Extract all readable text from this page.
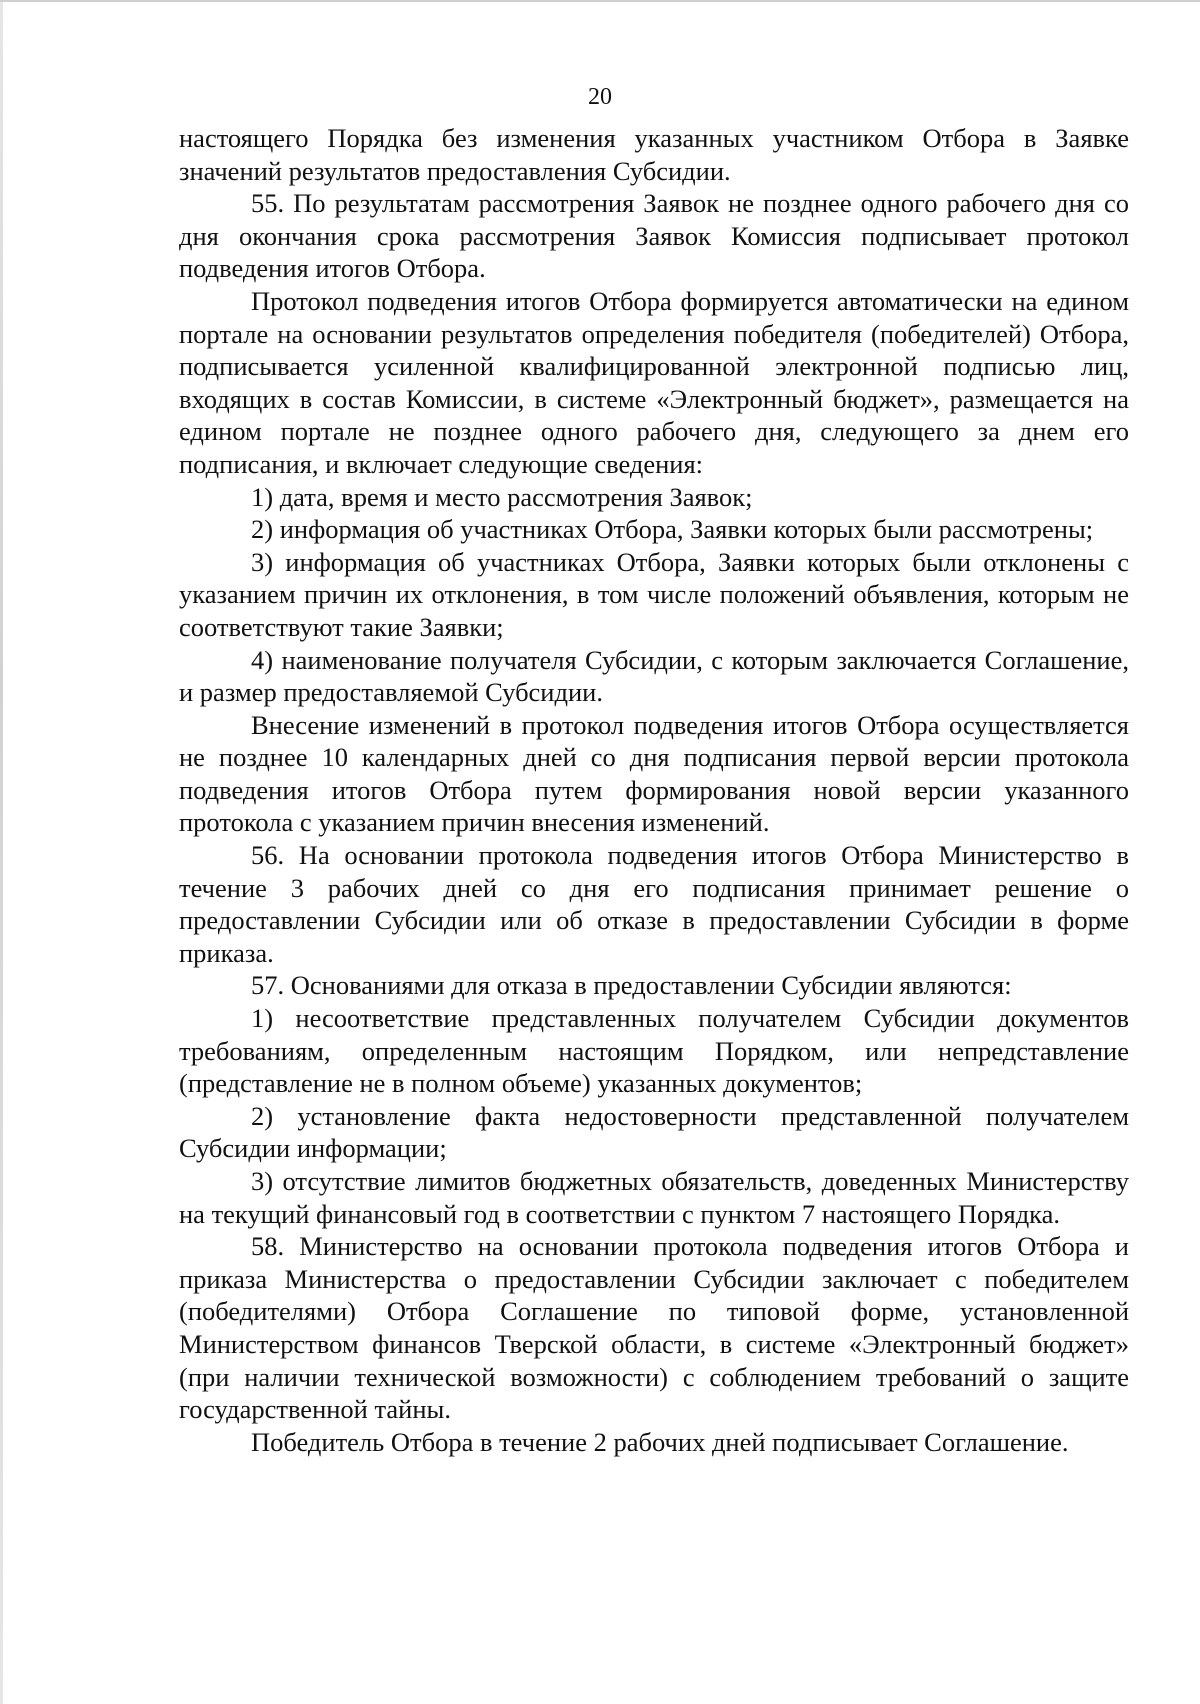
20

настоящего Порядка без изменения указанных участником Отбора в Заявке значений результатов предоставления Субсидии.

55. По результатам рассмотрения Заявок не позднее одного рабочего дня со дня окончания срока рассмотрения Заявок Комиссия подписывает протокол подведения итогов Отбора.

Протокол подведения итогов Отбора формируется автоматически на едином портале на основании результатов определения победителя (победителей) Отбора, подписывается усиленной квалифицированной электронной подписью лиц, входящих в состав Комиссии, в системе «Электронный бюджет», размещается на едином портале не позднее одного рабочего дня, следующего за днем его подписания, и включает следующие сведения:

1) дата, время и место рассмотрения Заявок;

2) информация об участниках Отбора, Заявки которых были рассмотрены;

3) информация об участниках Отбора, Заявки которых были отклонены с указанием причин их отклонения, в том числе положений объявления, которым не соответствуют такие Заявки;

4) наименование получателя Субсидии, с которым заключается Соглашение, и размер предоставляемой Субсидии.

Внесение изменений в протокол подведения итогов Отбора осуществляется не позднее 10 календарных дней со дня подписания первой версии протокола подведения итогов Отбора путем формирования новой версии указанного протокола с указанием причин внесения изменений.

56. На основании протокола подведения итогов Отбора Министерство в течение 3 рабочих дней со дня его подписания принимает решение о предоставлении Субсидии или об отказе в предоставлении Субсидии в форме приказа.

57. Основаниями для отказа в предоставлении Субсидии являются:

1) несоответствие представленных получателем Субсидии документов требованиям, определенным настоящим Порядком, или непредставление (представление не в полном объеме) указанных документов;

2) установление факта недостоверности представленной получателем Субсидии информации;

3) отсутствие лимитов бюджетных обязательств, доведенных Министерству на текущий финансовый год в соответствии с пунктом 7 настоящего Порядка.

58. Министерство на основании протокола подведения итогов Отбора и приказа Министерства о предоставлении Субсидии заключает с победителем (победителями) Отбора Соглашение по типовой форме, установленной Министерством финансов Тверской области, в системе «Электронный бюджет» (при наличии технической возможности) с соблюдением требований о защите государственной тайны.

Победитель Отбора в течение 2 рабочих дней подписывает Соглашение.
